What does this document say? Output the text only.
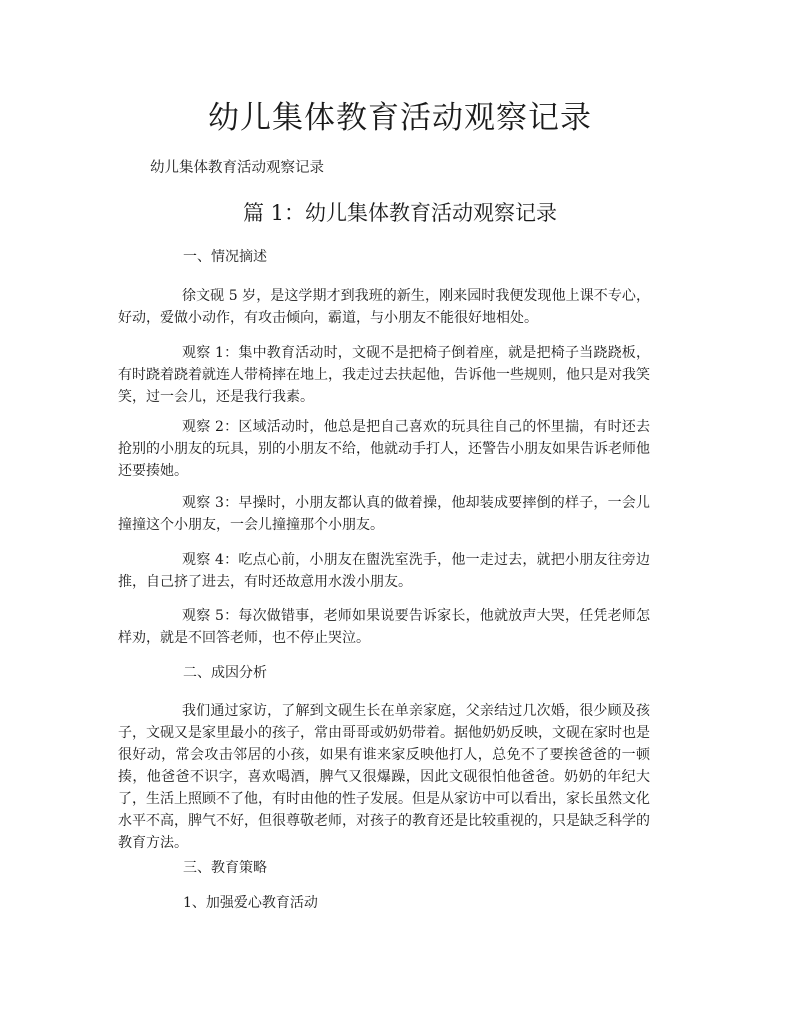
幼儿集体教育活动观察记录
幼儿集体教育活动观察记录
篇 1：幼儿集体教育活动观察记录
一、情况摘述

徐文砚 5 岁，是这学期才到我班的新生，刚来园时我便发现他上课不专心，好动，爱做小动作，有攻击倾向，霸道，与小朋友不能很好地相处。

观察 1：集中教育活动时，文砚不是把椅子倒着座，就是把椅子当跷跷板，有时跷着跷着就连人带椅摔在地上，我走过去扶起他，告诉他一些规则，他只是对我笑笑，过一会儿，还是我行我素。

观察 2：区域活动时，他总是把自己喜欢的玩具往自己的怀里揣，有时还去抢别的小朋友的玩具，别的小朋友不给，他就动手打人，还警告小朋友如果告诉老师他还要揍她。

观察 3：早操时，小朋友都认真的做着操，他却装成要摔倒的样子，一会儿撞撞这个小朋友，一会儿撞撞那个小朋友。

观察 4：吃点心前，小朋友在盥洗室洗手，他一走过去，就把小朋友往旁边推，自己挤了进去，有时还故意用水泼小朋友。

观察 5：每次做错事，老师如果说要告诉家长，他就放声大哭，任凭老师怎样劝，就是不回答老师，也不停止哭泣。

二、成因分析

我们通过家访，了解到文砚生长在单亲家庭，父亲结过几次婚，很少顾及孩子，文砚又是家里最小的孩子，常由哥哥或奶奶带着。据他奶奶反映，文砚在家时也是很好动，常会攻击邻居的小孩，如果有谁来家反映他打人，总免不了要挨爸爸的一顿揍，他爸爸不识字，喜欢喝酒，脾气又很爆躁，因此文砚很怕他爸爸。奶奶的年纪大了，生活上照顾不了他，有时由他的性子发展。但是从家访中可以看出，家长虽然文化水平不高，脾气不好，但很尊敬老师，对孩子的教育还是比较重视的，只是缺乏科学的教育方法。

三、教育策略
1、加强爱心教育活动
